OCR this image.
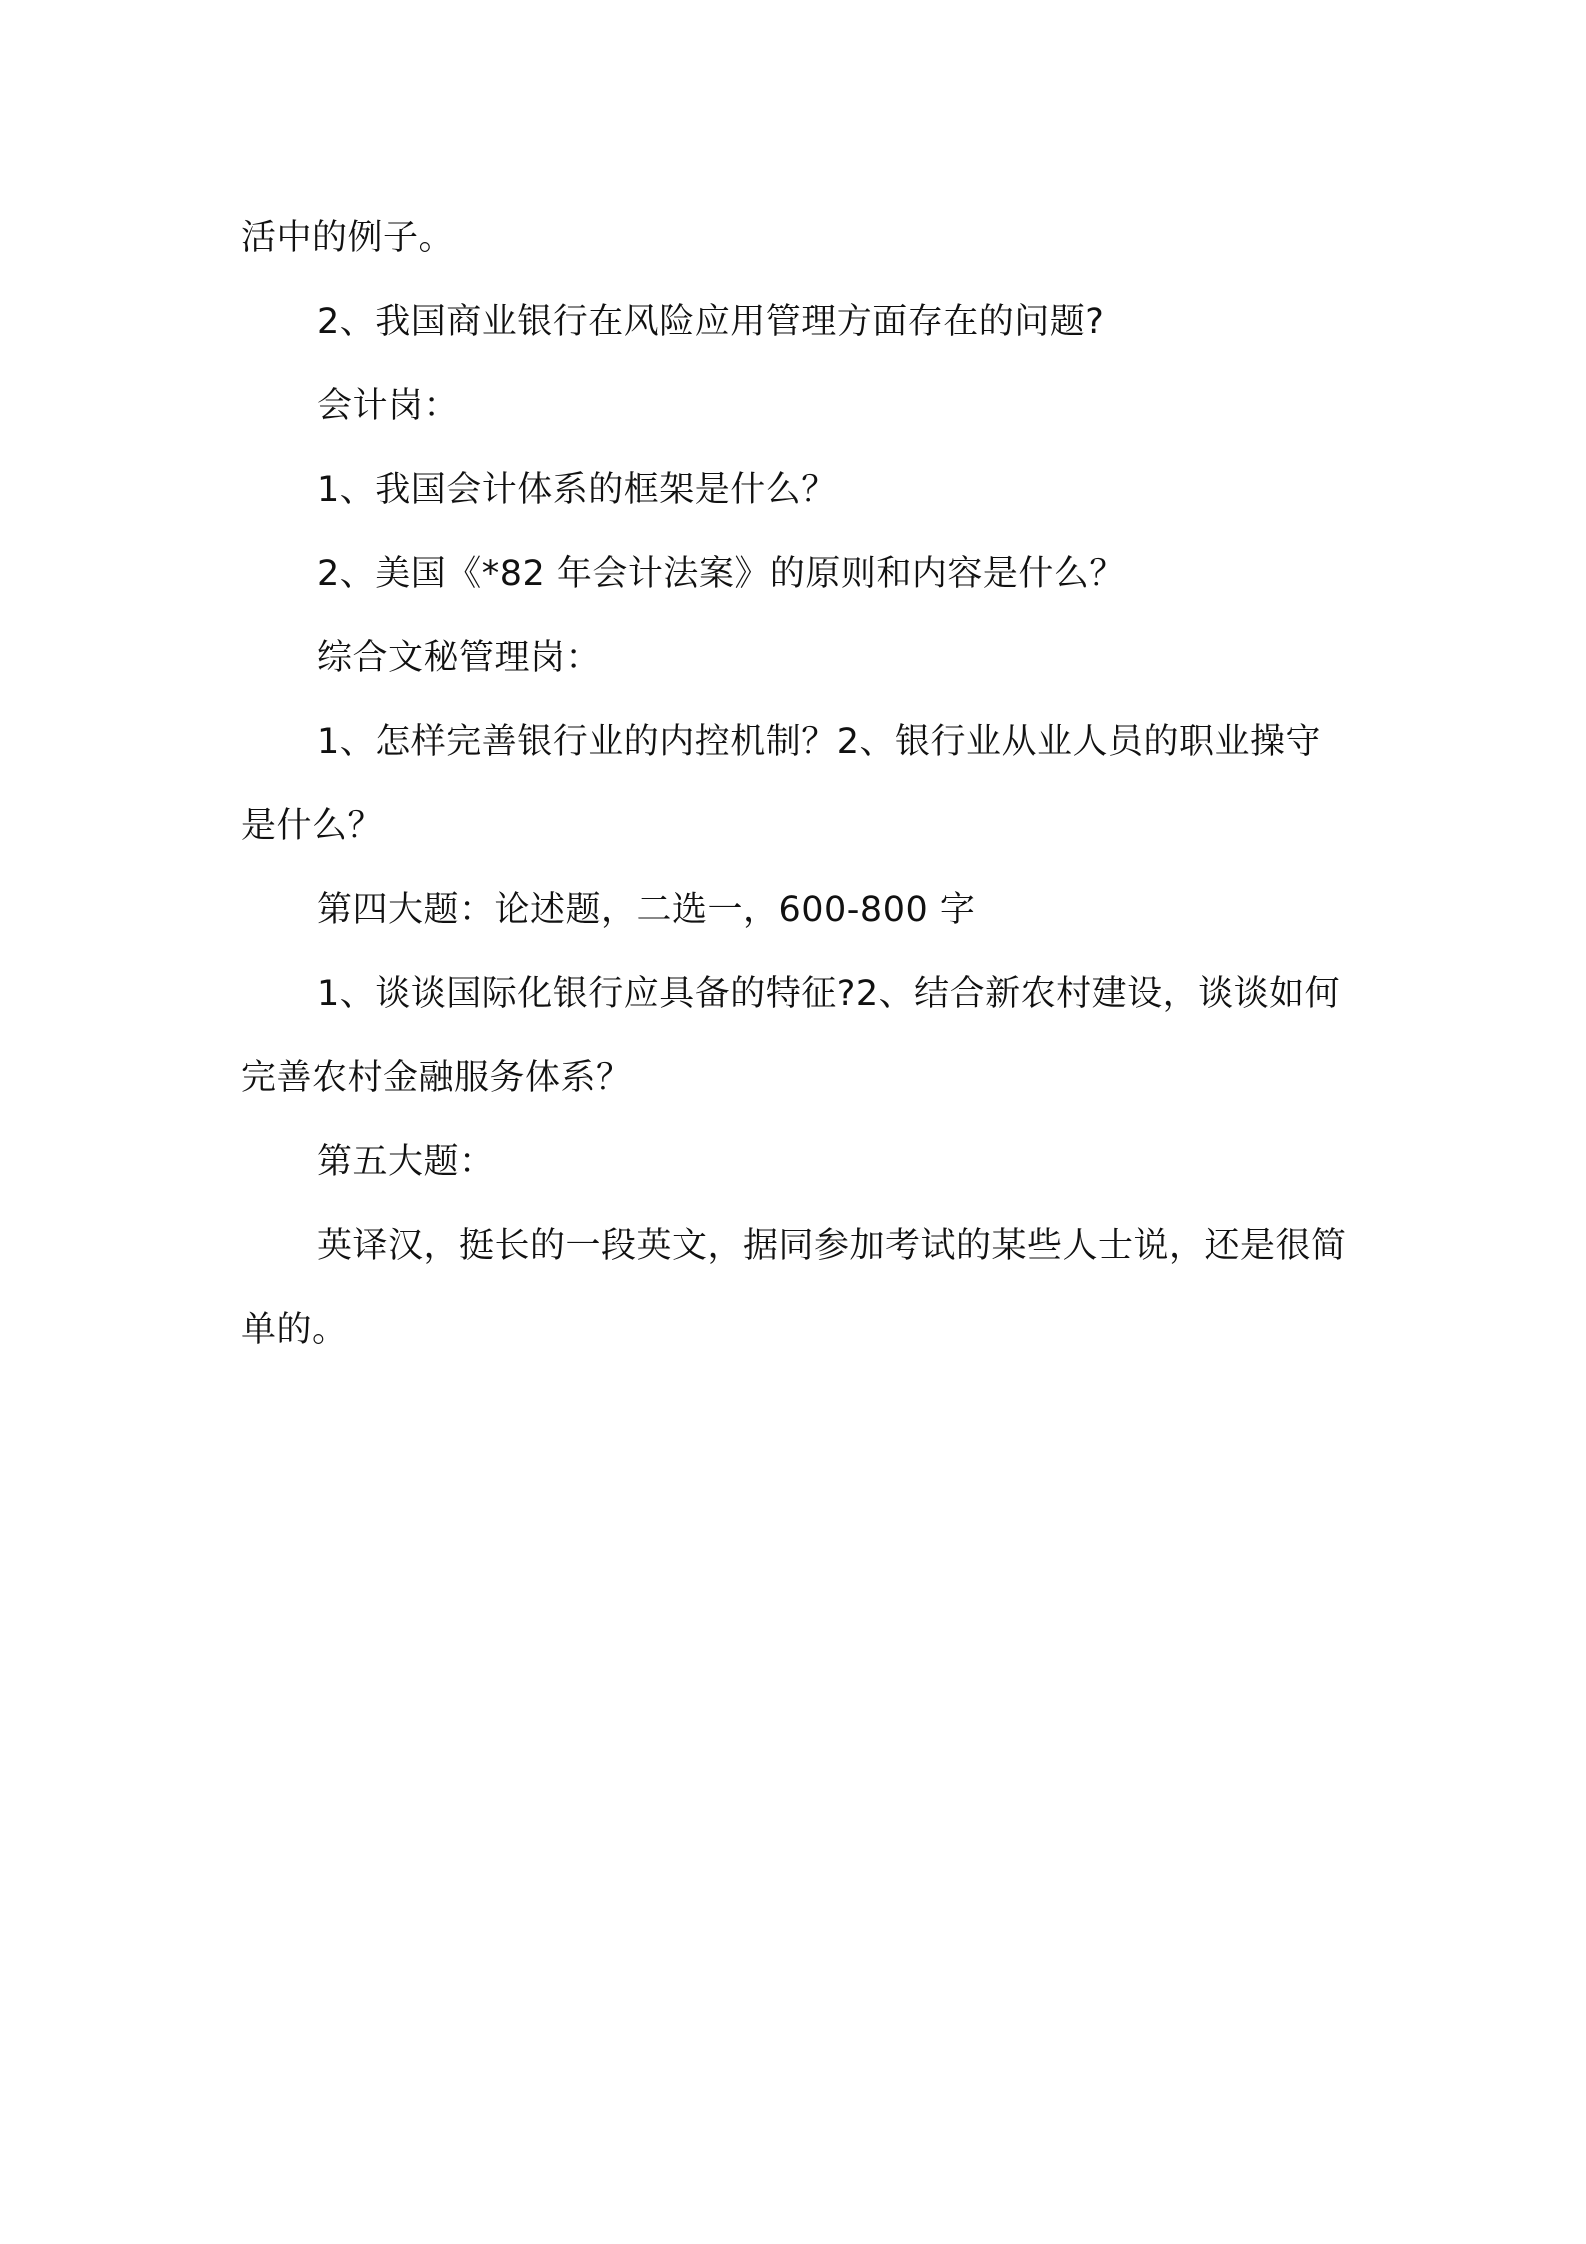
活中的例子。

2、我国商业银行在风险应用管理方面存在的问题?

会计岗：

1、我国会计体系的框架是什么？

2、美国《*82 年会计法案》的原则和内容是什么？

综合文秘管理岗：

1、怎样完善银行业的内控机制？2、银行业从业人员的职业操守是什么？

第四大题：论述题，二选一，600-800 字

1、谈谈国际化银行应具备的特征?2、结合新农村建设，谈谈如何完善农村金融服务体系？

第五大题：

英译汉，挺长的一段英文，据同参加考试的某些人士说，还是很简单的。
